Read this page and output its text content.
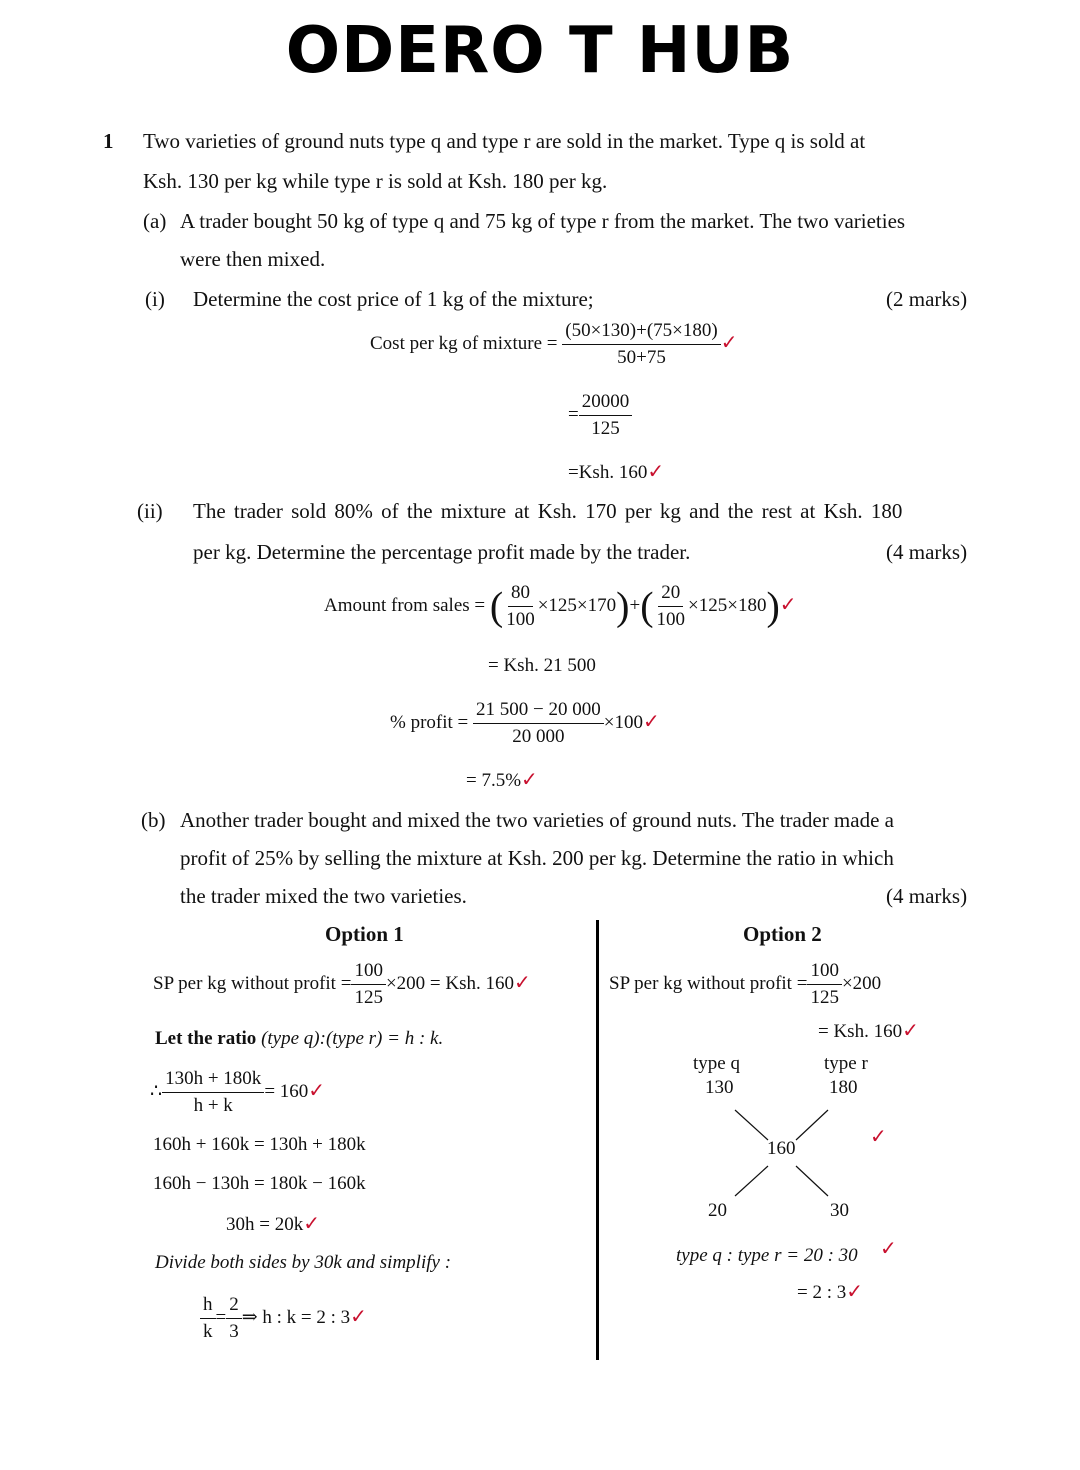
ODERO T HUB
1 Two varieties of ground nuts type q and type r are sold in the market. Type q is sold at
Ksh. 130 per kg while type r is sold at Ksh. 180 per kg.
(a) A trader bought 50 kg of type q and 75 kg of type r from the market. The two varieties
were then mixed.
(i) Determine the cost price of 1 kg of the mixture;	(2 marks)
Cost per kg of mixture = $\frac{(50\times 130)+(75\times 180)}{50+75}$ ✓
= $\frac{20000}{125}$
=Ksh. 160✓
(ii) The trader sold 80% of the mixture at Ksh. 170 per kg and the rest at Ksh. 180
per kg. Determine the percentage profit made by the trader.	(4 marks)
Amount from sales = ( $\frac{80}{100} \times 125\times 170)+( \frac{20}{100}$ ×125×180)✓
= Ksh. 21 500
% profit = $\frac{21 500 - 20 000}{20 000}$ ×100✓
= 7.5%✓
(b) Another trader bought and mixed the two varieties of ground nuts. The trader made a
profit of 25% by selling the mixture at Ksh. 200 per kg. Determine the ratio in which
the trader mixed the two varieties.	(4 marks)
Option 1
SP per kg without profit = $\frac{100}{125} \times 200$ = Ksh. 160✓
Let the ratio (type q):(type r) = h : k.
∴ $\frac{130h + 180k}{h + k}$ = 160✓
160h + 160k = 130h + 180k
160h − 130h = 180k − 160k
30h = 20k✓
Divide both sides by 30k and simplify :
$\frac{h}{k} = \frac{2}{3}$ ⇒ h : k = 2 : 3✓
Option 2
SP per kg without profit = $\frac{100}{125} \times 200$
= Ksh. 160✓
type q
130
type r
180
160
✓
20	30
type q : type r = 20 : 30 ✓
= 2 : 3✓
